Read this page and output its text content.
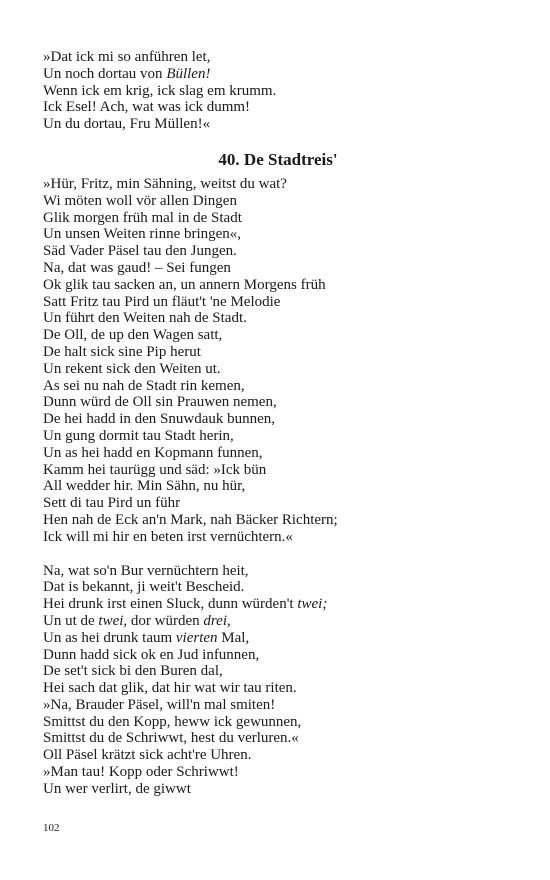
»Dat ick mi so anführen let,
Un noch dortau von Büllen!
Wenn ick em krig, ick slag em krumm.
Ick Esel! Ach, wat was ick dumm!
Un du dortau, Fru Müllen!«
40. De Stadtreis'
»Hür, Fritz, min Sähning, weitst du wat?
Wi möten woll vör allen Dingen
Glik morgen früh mal in de Stadt
Un unsen Weiten rinne bringen«,
Säd Vader Päsel tau den Jungen.
Na, dat was gaud! – Sei fungen
Ok glik tau sacken an, un annern Morgens früh
Satt Fritz tau Pird un fläut't 'ne Melodie
Un führt den Weiten nah de Stadt.
De Oll, de up den Wagen satt,
De halt sick sine Pip herut
Un rekent sick den Weiten ut.
As sei nu nah de Stadt rin kemen,
Dunn würd de Oll sin Prauwen nemen,
De hei hadd in den Snuwdauk bunnen,
Un gung dormit tau Stadt herin,
Un as hei hadd en Kopmann funnen,
Kamm hei taurügg und säd: »Ick bün
All wedder hir. Min Sähn, nu hür,
Sett di tau Pird un führ
Hen nah de Eck an'n Mark, nah Bäcker Richtern;
Ick will mi hir en beten irst vernüchtern.«
Na, wat so'n Bur vernüchtern heit,
Dat is bekannt, ji weit't Bescheid.
Hei drunk irst einen Sluck, dunn würden't twei;
Un ut de twei, dor würden drei,
Un as hei drunk taum vierten Mal,
Dunn hadd sick ok en Jud infunnen,
De set't sick bi den Buren dal,
Hei sach dat glik, dat hir wat wir tau riten.
»Na, Brauder Päsel, will'n mal smiten!
Smittst du den Kopp, heww ick gewunnen,
Smittst du de Schriwwt, hest du verluren.«
Oll Päsel krätzt sick acht're Uhren.
»Man tau! Kopp oder Schriwwt!
Un wer verlirt, de giwwt
102
